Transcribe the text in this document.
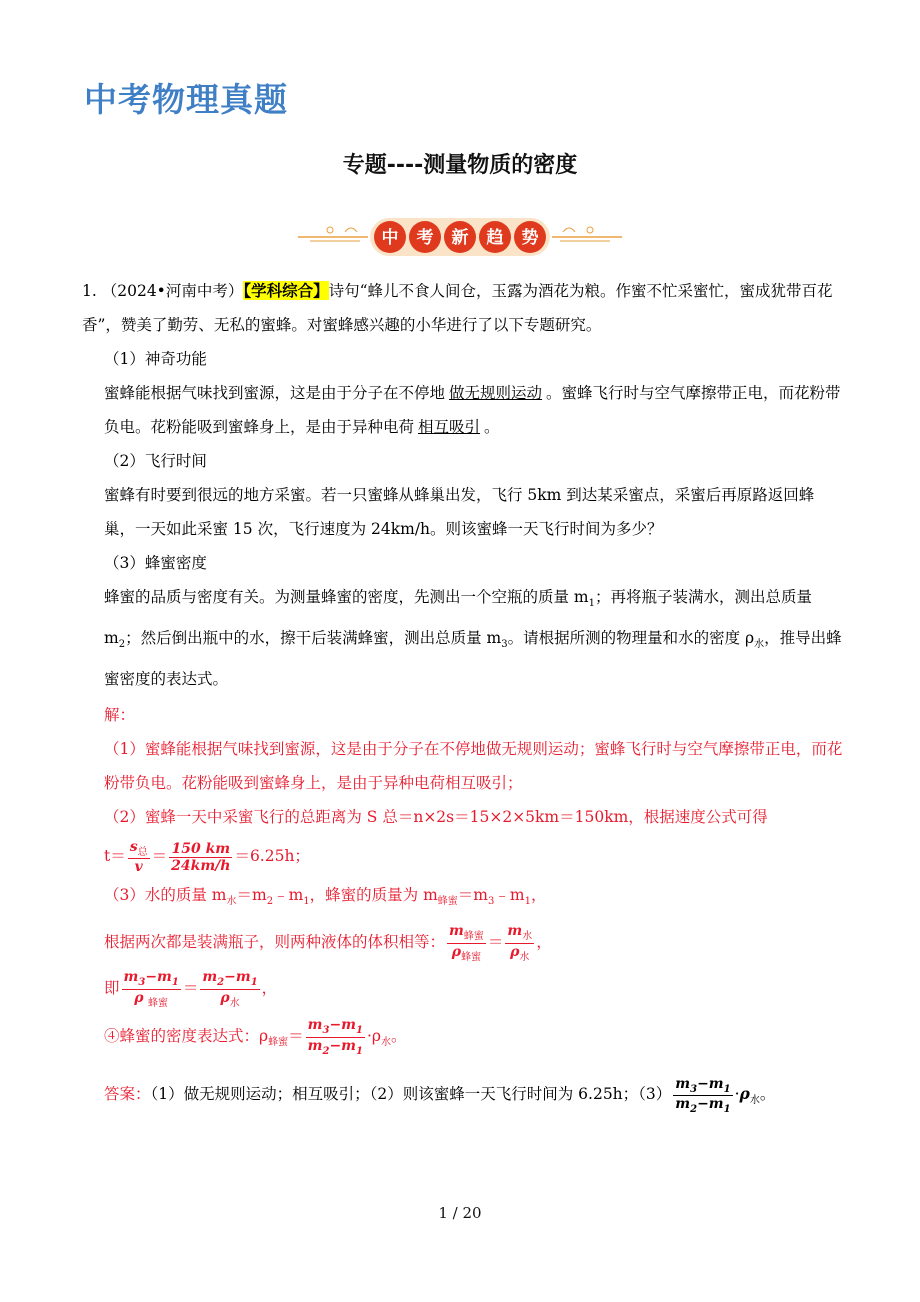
中考物理真题
专题----测量物质的密度
中 考 新 趋 势

1. （2024•河南中考）【学科综合】诗句“蜂儿不食人间仓，玉露为酒花为粮。作蜜不忙采蜜忙，蜜成犹带百花香”，赞美了勤劳、无私的蜜蜂。对蜜蜂感兴趣的小华进行了以下专题研究。

（1）神奇功能

蜜蜂能根据气味找到蜜源，这是由于分子在不停地 做无规则运动 。蜜蜂飞行时与空气摩擦带正电，而花粉带负电。花粉能吸到蜜蜂身上，是由于异种电荷 相互吸引 。

（2）飞行时间

蜜蜂有时要到很远的地方采蜜。若一只蜜蜂从蜂巢出发，飞行 5km 到达某采蜜点，采蜜后再原路返回蜂巢，一天如此采蜜 15 次，飞行速度为 24km/h。则该蜜蜂一天飞行时间为多少？

（3）蜂蜜密度

蜂蜜的品质与密度有关。为测量蜂蜜的密度，先测出一个空瓶的质量 $m_1$；再将瓶子装满水，测出总质量 $m_2$；然后倒出瓶中的水，擦干后装满蜂蜜，测出总质量 $m_3$。请根据所测的物理量和水的密度 $\rho_水$，推导出蜂蜜密度的表达式。

解：

（1）蜜蜂能根据气味找到蜜源，这是由于分子在不停地做无规则运动；蜜蜂飞行时与空气摩擦带正电，而花粉带负电。花粉能吸到蜜蜂身上，是由于异种电荷相互吸引；

（2）蜜蜂一天中采蜜飞行的总距离为 S 总＝n×2s＝15×2×5km＝150km，根据速度公式可得

$t= \frac{s_总}{v} = \frac{150 km}{24km/h} =6.25h$；

（3）水的质量 $m_水=m_2﹣m_1$，蜂蜜的质量为 $m_{蜂蜜}=m_3﹣m_1$，

根据两次都是装满瓶子，则两种液体的体积相等： $\frac{m_{蜂蜜}}{\rho_{蜂蜜}} = \frac{m_水}{\rho_水}$ ，

即 $\frac{m_3-m_1}{\rho _{蜂蜜}} = \frac{m_2-m_1}{\rho_水}$ ，

④蜂蜜的密度表达式：$\rho_{蜂蜜}= \frac{m_3-m_1}{m_2-m_1} \cdot\rho_水$。

答案：（1）做无规则运动；相互吸引；（2）则该蜜蜂一天飞行时间为 6.25h；$(3) \frac{m_3-m_1}{m_2-m_1} \cdot\rho_水$。

1 / 20
